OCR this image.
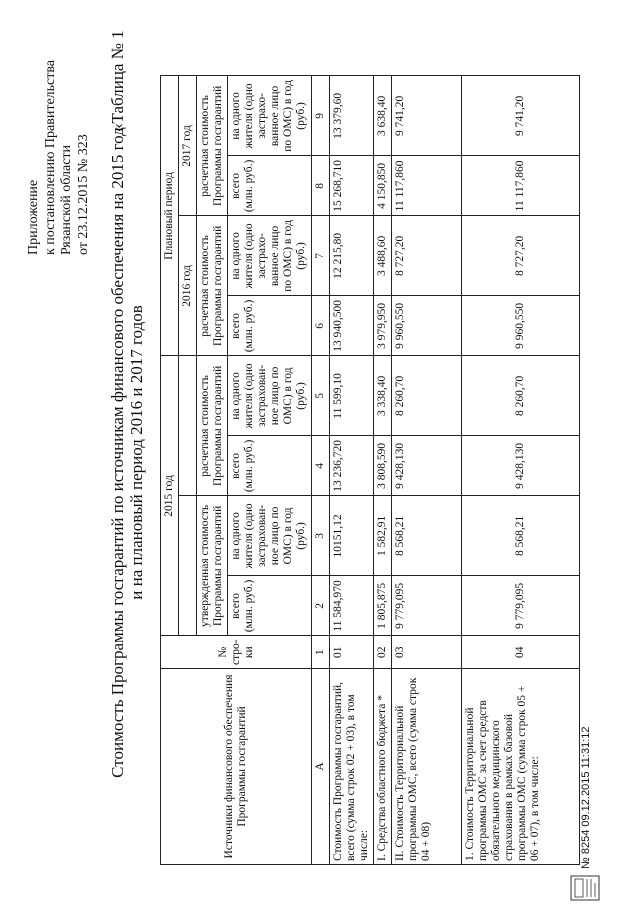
Приложение к постановлению Правительства Рязанской области от 23.12.2015 № 323
«Таблица № 1
Стоимость Программы госгарантий по источникам финансового обеспечения на 2015 год и на плановый период 2016 и 2017 годов
Источники финансового обеспечения Программы госгарантий	№ стро-ки	2015 год				Плановый период			
						2016 год		2017 год	
		утвержденная стоимость Программы госгарантий		расчетная стоимость Программы госгарантий		расчетная стоимость Программы госгарантий		расчетная стоимость Программы госгарантий	
		всего (млн. руб.)	на одного жителя (одно застрахован-ное лицо по ОМС) в год (руб.)	всего (млн. руб.)	на одного жителя (одно застрахован-ное лицо по ОМС) в год (руб.)	всего (млн. руб.)	на одного жителя (одно застрахо-ванное лицо по ОМС) в год (руб.)	всего (млн. руб.)	на одного жителя (одно застрахо-ванное лицо по ОМС) в год (руб.)
А	1	2	3	4	5	6	7	8	9
Стоимость Программы госгарантий, всего (сумма строк 02 + 03), в том числе:	01	11 584,970	10151,12	13 236,720	11 599,10	13 940,500	12 215,80	15 268,710	13 379,60
I. Средства областного бюджета *	02	1 805,875	1 582,91	3 808,590	3 338,40	3 979,950	3 488,60	4 150,850	3 638,40
II. Стоимость Территориальной программы ОМС, всего (сумма строк 04 + 08)	03	9 779,095	8 568,21	9 428,130	8 260,70	9 960,550	8 727,20	11 117,860	9 741,20
1. Стоимость Территориальной программы ОМС за счет средств обязательного медицинского страхования в рамках базовой программы ОМС (сумма строк 05 + 06 + 07), в том числе:	04	9 779,095	8 568,21	9 428,130	8 260,70	9 960,550	8 727,20	11 117,860	9 741,20
№ 8254 09.12.2015 11:31:12
